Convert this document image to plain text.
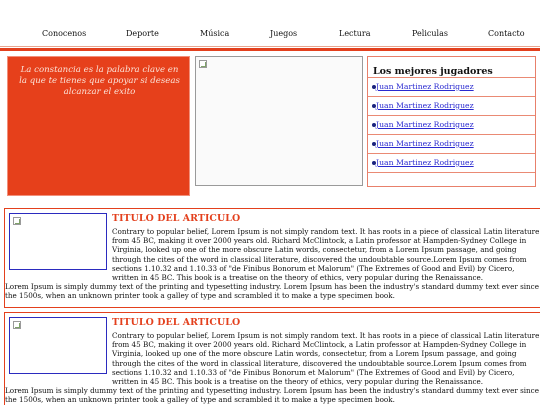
Conocenos	Deporte	Música	Juegos	Lectura	Peliculas	Contacto
La constancia es la palabra clave en la que te tienes que apoyar si deseas alcanzar el exito
Los mejores jugadores
Juan Martinez Rodriguez
Juan Martinez Rodriguez
Juan Martinez Rodriguez
Juan Martinez Rodriguez
Juan Martinez Rodriguez
TITULO DEL ARTICULO
Contrary to popular belief, Lorem Ipsum is not simply random text. It has roots in a piece of classical Latin literature from 45 BC, making it over 2000 years old. Richard McClintock, a Latin professor at Hampden-Sydney College in Virginia, looked up one of the more obscure Latin words, consectetur, from a Lorem Ipsum passage, and going through the cites of the word in classical literature, discovered the undoubtable source.Lorem Ipsum comes from sections 1.10.32 and 1.10.33 of "de Finibus Bonorum et Malorum" (The Extremes of Good and Evil) by Cicero, written in 45 BC. This book is a treatise on the theory of ethics, very popular during the Renaissance.
Lorem Ipsum is simply dummy text of the printing and typesetting industry. Lorem Ipsum has been the industry's standard dummy text ever since the 1500s, when an unknown printer took a galley of type and scrambled it to make a type specimen book.
TITULO DEL ARTICULO
Contrary to popular belief, Lorem Ipsum is not simply random text. It has roots in a piece of classical Latin literature from 45 BC, making it over 2000 years old. Richard McClintock, a Latin professor at Hampden-Sydney College in Virginia, looked up one of the more obscure Latin words, consectetur, from a Lorem Ipsum passage, and going through the cites of the word in classical literature, discovered the undoubtable source.Lorem Ipsum comes from sections 1.10.32 and 1.10.33 of "de Finibus Bonorum et Malorum" (The Extremes of Good and Evil) by Cicero, written in 45 BC. This book is a treatise on the theory of ethics, very popular during the Renaissance.
Lorem Ipsum is simply dummy text of the printing and typesetting industry. Lorem Ipsum has been the industry's standard dummy text ever since the 1500s, when an unknown printer took a galley of type and scrambled it to make a type specimen book.
